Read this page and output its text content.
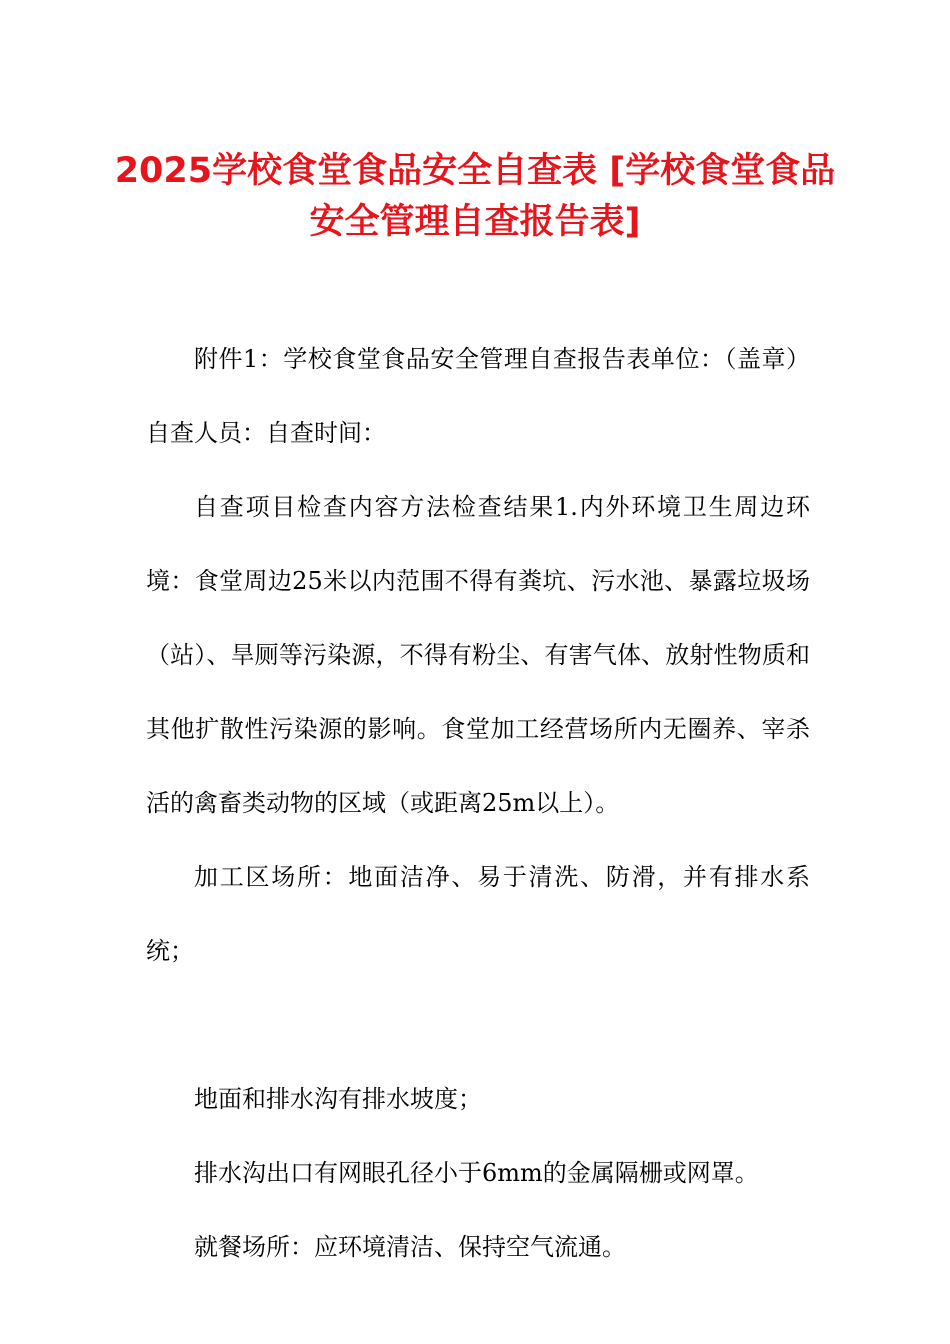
2025学校食堂食品安全自查表 [学校食堂食品安全管理自查报告表]

附件1：学校食堂食品安全管理自查报告表单位：（盖章）自查人员：自查时间：

自查项目检查内容方法检查结果1.内外环境卫生周边环境：食堂周边25米以内范围不得有粪坑、污水池、暴露垃圾场（站）、旱厕等污染源，不得有粉尘、有害气体、放射性物质和其他扩散性污染源的影响。食堂加工经营场所内无圈养、宰杀活的禽畜类动物的区域（或距离25m以上）。

加工区场所：地面洁净、易于清洗、防滑，并有排水系统；

地面和排水沟有排水坡度；

排水沟出口有网眼孔径小于6mm的金属隔栅或网罩。

就餐场所：应环境清洁、保持空气流通。
